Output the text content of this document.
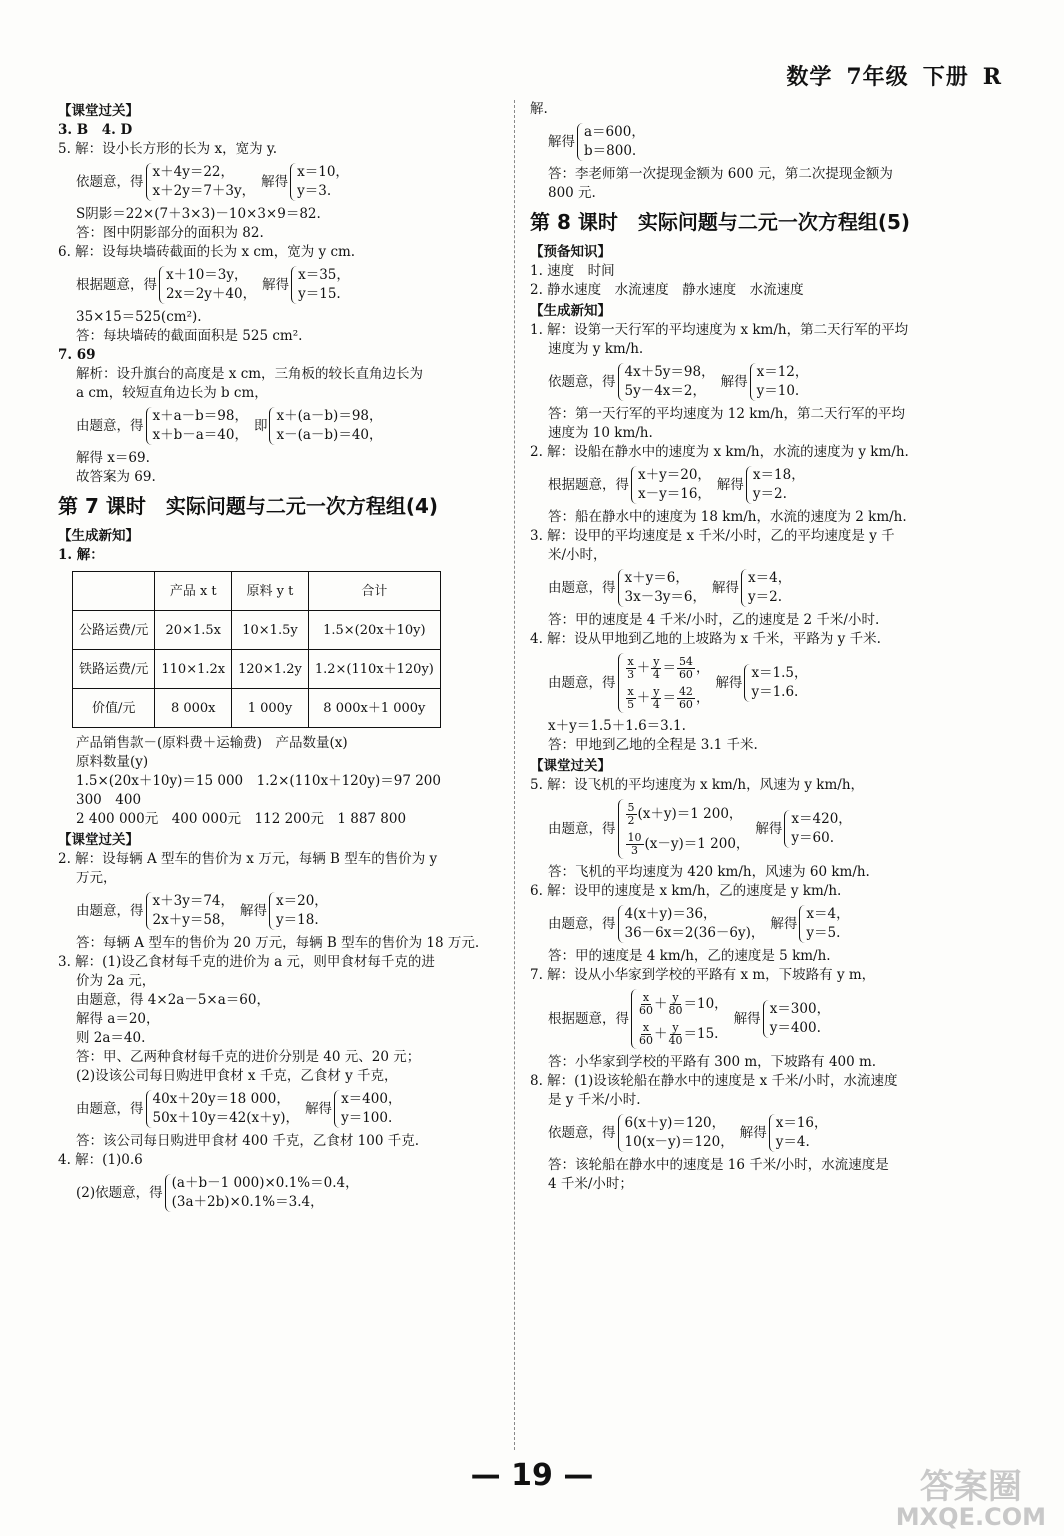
数学 7年级 下册 R
【课堂过关】
3. B　4. D
5. 解：设小长方形的长为 x，宽为 y.
依题意，得
x＋4y＝22，
x＋2y＝7＋3y，
解得
x＝10，
y＝3.
S阴影＝22×(7＋3×3)－10×3×9＝82.
答：图中阴影部分的面积为 82.
6. 解：设每块墙砖截面的长为 x cm，宽为 y cm.
根据题意，得
x＋10＝3y，
2x＝2y＋40，
解得
x＝35，
y＝15.
35×15＝525(cm²).
答：每块墙砖的截面面积是 525 cm².
7. 69
解析：设升旗台的高度是 x cm，三角板的较长直角边长为
a cm，较短直角边长为 b cm，
由题意，得
x＋a－b＝98，
x＋b－a＝40，
即
x＋(a－b)＝98，
x－(a－b)＝40，
解得 x＝69.
故答案为 69.
第 7 课时　实际问题与二元一次方程组(4)
【生成新知】
1. 解：
	产品 x t	原料 y t	合计
公路运费/元	20×1.5x	10×1.5y	1.5×(20x＋10y)
铁路运费/元	110×1.2x	120×1.2y	1.2×(110x＋120y)
价值/元	8 000x	1 000y	8 000x＋1 000y
产品销售款－(原料费＋运输费)　产品数量(x)
原料数量(y)
1.5×(20x＋10y)＝15 000　1.2×(110x＋120y)＝97 200
300　400
2 400 000元　400 000元　112 200元　1 887 800
【课堂过关】
2. 解：设每辆 A 型车的售价为 x 万元，每辆 B 型车的售价为 y
万元，
由题意，得
x＋3y＝74，
2x＋y＝58，
解得
x＝20，
y＝18.
答：每辆 A 型车的售价为 20 万元，每辆 B 型车的售价为 18 万元.
3. 解：(1)设乙食材每千克的进价为 a 元，则甲食材每千克的进
价为 2a 元，
由题意，得 4×2a－5×a＝60，
解得 a＝20，
则 2a＝40.
答：甲、乙两种食材每千克的进价分别是 40 元、20 元；
(2)设该公司每日购进甲食材 x 千克，乙食材 y 千克，
由题意，得
40x＋20y＝18 000，
50x＋10y＝42(x＋y)，
解得
x＝400，
y＝100.
答：该公司每日购进甲食材 400 千克，乙食材 100 千克.
4. 解：(1)0.6
(2)依题意，得
(a＋b－1 000)×0.1%＝0.4，
(3a＋2b)×0.1%＝3.4，
解.
解得
a＝600，
b＝800.
答：李老师第一次提现金额为 600 元，第二次提现金额为
800 元.
第 8 课时　实际问题与二元一次方程组(5)
【预备知识】
1. 速度　时间
2. 静水速度　水流速度　静水速度　水流速度
【生成新知】
1. 解：设第一天行军的平均速度为 x km/h，第二天行军的平均
速度为 y km/h.
依题意，得
4x＋5y＝98，
5y－4x＝2，
解得
x＝12，
y＝10.
答：第一天行军的平均速度为 12 km/h，第二天行军的平均
速度为 10 km/h.
2. 解：设船在静水中的速度为 x km/h，水流的速度为 y km/h.
根据题意，得
x＋y＝20，
x－y＝16，
解得
x＝18，
y＝2.
答：船在静水中的速度为 18 km/h，水流的速度为 2 km/h.
3. 解：设甲的平均速度是 x 千米/小时，乙的平均速度是 y 千
米/小时，
由题意，得
x＋y＝6，
3x－3y＝6，
解得
x＝4，
y＝2.
答：甲的速度是 4 千米/小时，乙的速度是 2 千米/小时.
4. 解：设从甲地到乙地的上坡路为 x 千米，平路为 y 千米.
由题意，得
$\frac{x}{3} + \frac{y}{4} = \frac{54}{60}$ ，
$\frac{x}{5} + \frac{y}{4} = \frac{42}{60}$ ，
解得
x＝1.5，
y＝1.6.
x＋y＝1.5＋1.6＝3.1.
答：甲地到乙地的全程是 3.1 千米.
【课堂过关】
5. 解：设飞机的平均速度为 x km/h，风速为 y km/h，
由题意，得
$\frac{5}{2} (x+y)=1$ 200，
$\frac{10}{3} (x-y)=1$ 200，
解得
x＝420，
y＝60.
答：飞机的平均速度为 420 km/h，风速为 60 km/h.
6. 解：设甲的速度是 x km/h，乙的速度是 y km/h.
由题意，得
4(x＋y)＝36，
36－6x＝2(36－6y)，
解得
x＝4，
y＝5.
答：甲的速度是 4 km/h，乙的速度是 5 km/h.
7. 解：设从小华家到学校的平路有 x m，下坡路有 y m，
根据题意，得
$\frac{x}{60} + \frac{y}{80} =10$，
$\frac{x}{60} + \frac{y}{40} =15$.
解得
x＝300，
y＝400.
答：小华家到学校的平路有 300 m，下坡路有 400 m.
8. 解：(1)设该轮船在静水中的速度是 x 千米/小时，水流速度
是 y 千米/小时.
依题意，得
6(x＋y)＝120，
10(x－y)＝120，
解得
x＝16，
y＝4.
答：该轮船在静水中的速度是 16 千米/小时，水流速度是
4 千米/小时；
— 19 —	答案圈
MXQE.COM
